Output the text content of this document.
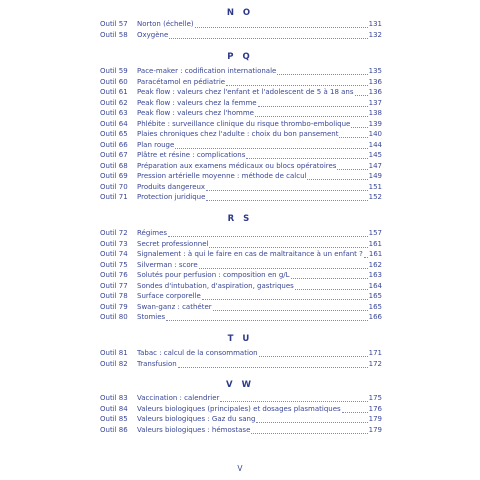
N O
Outil 57	Norton (échelle)	131
Outil 58	Oxygène	132
P Q
Outil 59	Pace-maker : codification internationale	135
Outil 60	Paracétamol en pédiatrie	136
Outil 61	Peak flow : valeurs chez l'enfant et l'adolescent de 5 à 18 ans 136
Outil 62	Peak flow : valeurs chez la femme	137
Outil 63	Peak flow : valeurs chez l'homme	138
Outil 64	Phlébite : surveillance clinique du risque thrombo-embolique	139
Outil 65	Plaies chroniques chez l'adulte : choix du bon pansement	140
Outil 66	Plan rouge	144
Outil 67	Plâtre et résine : complications	145
Outil 68	Préparation aux examens médicaux ou blocs opératoires	147
Outil 69	Pression artérielle moyenne : méthode de calcul	149
Outil 70	Produits dangereux	151
Outil 71	Protection juridique	152
R S
Outil 72	Régimes	157
Outil 73	Secret professionnel	161
Outil 74	Signalement : à qui le faire en cas de maltraitance à un enfant ? 161
Outil 75	Silverman : score	162
Outil 76	Solutés pour perfusion : composition en g/L	163
Outil 77	Sondes d'intubation, d'aspiration, gastriques	164
Outil 78	Surface corporelle	165
Outil 79	Swan-ganz : cathéter	165
Outil 80	Stomies	166
T U
Outil 81	Tabac : calcul de la consommation	171
Outil 82	Transfusion	172
V W
Outil 83	Vaccination : calendrier	175
Outil 84	Valeurs biologiques (principales) et dosages plasmatiques	176
Outil 85	Valeurs biologiques : Gaz du sang	179
Outil 86	Valeurs biologiques : hémostase	179
V
